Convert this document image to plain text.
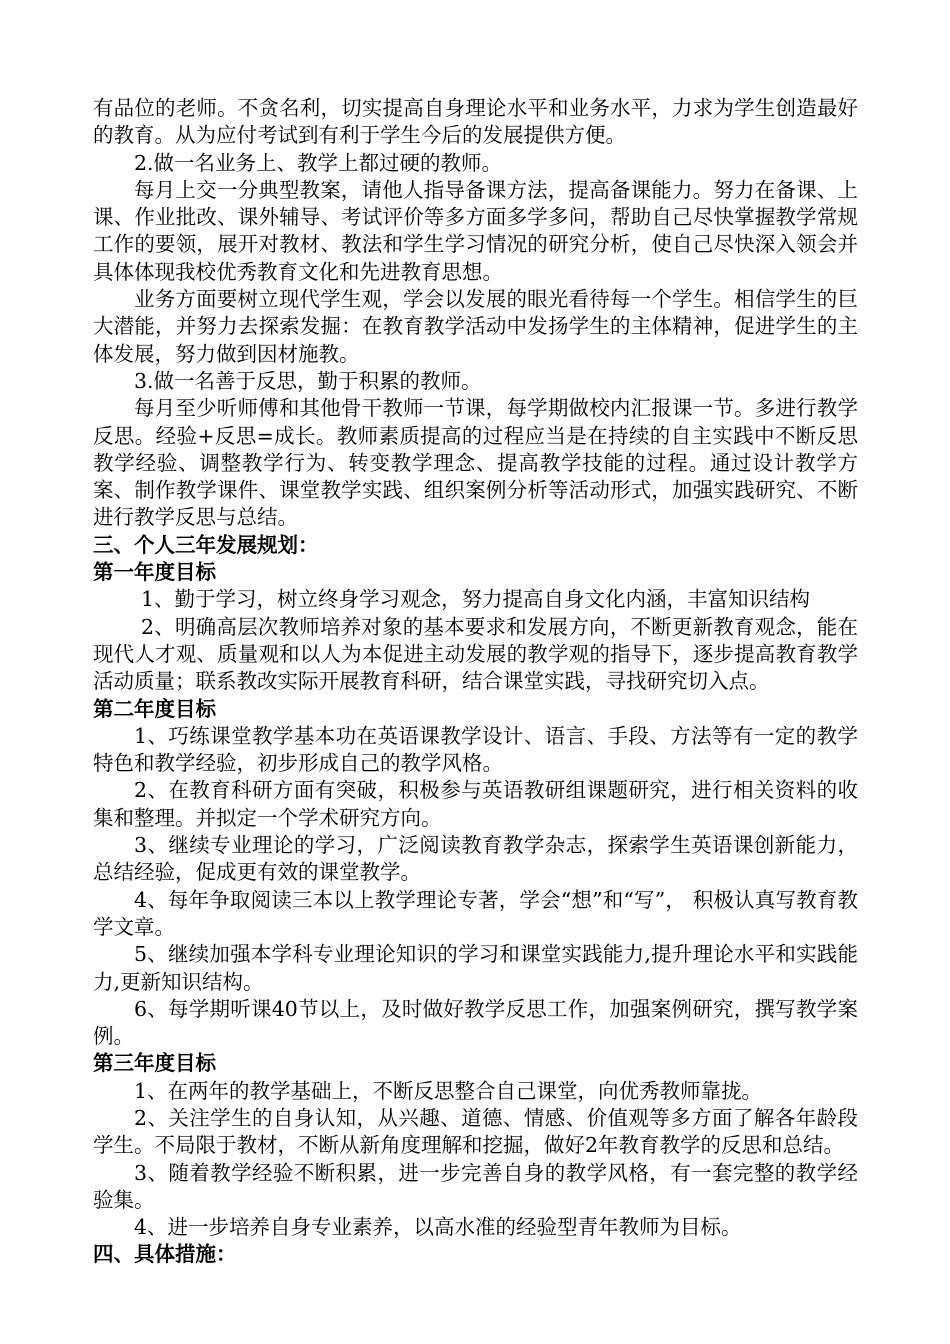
有品位的老师。不贪名利，切实提高自身理论水平和业务水平，力求为学生创造最好的教育。从为应付考试到有利于学生今后的发展提供方便。

2.做一名业务上、教学上都过硬的教师。

每月上交一分典型教案，请他人指导备课方法，提高备课能力。努力在备课、上课、作业批改、课外辅导、考试评价等多方面多学多问，帮助自己尽快掌握教学常规工作的要领，展开对教材、教法和学生学习情况的研究分析，使自己尽快深入领会并具体体现我校优秀教育文化和先进教育思想。

业务方面要树立现代学生观，学会以发展的眼光看待每一个学生。相信学生的巨大潜能，并努力去探索发掘：在教育教学活动中发扬学生的主体精神，促进学生的主体发展，努力做到因材施教。

3.做一名善于反思，勤于积累的教师。

每月至少听师傅和其他骨干教师一节课，每学期做校内汇报课一节。多进行教学反思。经验+反思=成长。教师素质提高的过程应当是在持续的自主实践中不断反思教学经验、调整教学行为、转变教学理念、提高教学技能的过程。通过设计教学方案、制作教学课件、课堂教学实践、组织案例分析等活动形式，加强实践研究、不断进行教学反思与总结。

三、个人三年发展规划：

第一年度目标

1、勤于学习，树立终身学习观念，努力提高自身文化内涵，丰富知识结构

2、明确高层次教师培养对象的基本要求和发展方向，不断更新教育观念，能在现代人才观、质量观和以人为本促进主动发展的教学观的指导下，逐步提高教育教学活动质量；联系教改实际开展教育科研，结合课堂实践，寻找研究切入点。

第二年度目标

1、巧练课堂教学基本功在英语课教学设计、语言、手段、方法等有一定的教学特色和教学经验，初步形成自己的教学风格。

2、在教育科研方面有突破，积极参与英语教研组课题研究，进行相关资料的收集和整理。并拟定一个学术研究方向。

3、继续专业理论的学习，广泛阅读教育教学杂志，探索学生英语课创新能力，总结经验，促成更有效的课堂教学。

4、每年争取阅读三本以上教学理论专著，学会“想”和“写”， 积极认真写教育教学文章。

5、继续加强本学科专业理论知识的学习和课堂实践能力,提升理论水平和实践能力,更新知识结构。

6、每学期听课40节以上，及时做好教学反思工作，加强案例研究，撰写教学案例。

第三年度目标

1、在两年的教学基础上，不断反思整合自己课堂，向优秀教师靠拢。

2、关注学生的自身认知，从兴趣、道德、情感、价值观等多方面了解各年龄段学生。不局限于教材，不断从新角度理解和挖掘，做好2年教育教学的反思和总结。

3、随着教学经验不断积累，进一步完善自身的教学风格，有一套完整的教学经验集。

4、进一步培养自身专业素养，以高水准的经验型青年教师为目标。

四、具体措施：
